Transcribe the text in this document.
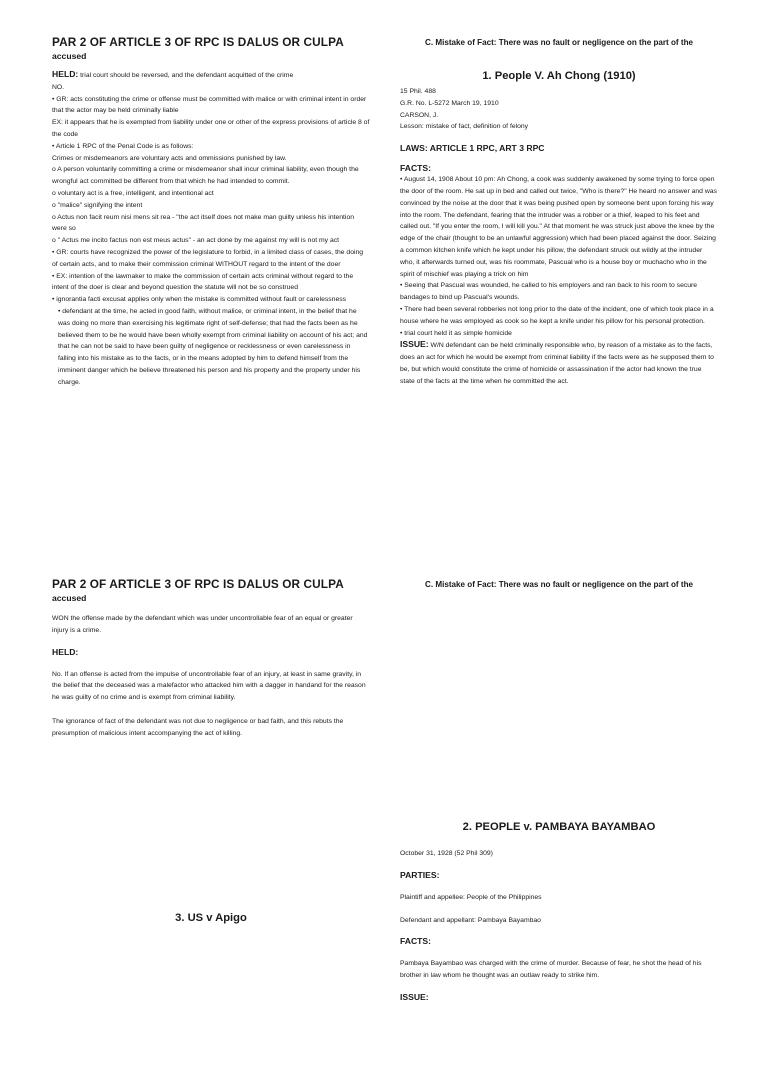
PAR 2 OF ARTICLE 3 OF RPC IS DALUS OR CULPA
accused

HELD: trial court should be reversed, and the defendant acquitted of the crime

NO.

• GR: acts constituting the crime or offense must be committed with malice or with criminal intent in order that the actor may be held criminally liable

EX: it appears that he is exempted from liability under one or other of the express provisions of article 8 of the code

• Article 1 RPC of the Penal Code is as follows:

Crimes or misdemeanors are voluntary acts and ommissions punished by law.

o A person voluntarily committing a crime or misdemeanor shall incur criminal liability, even though the wrongful act committed be different from that which he had intended to commit.

o voluntary act is a free, intelligent, and intentional act

o "malice" signifying the intent

o Actus non facit reum nisi mens sit rea - "the act itself does not make man guilty unless his intention were so

o " Actus me incito factus non est meus actus" - an act done by me against my will is not my act

• GR: courts have recognized the power of the legislature to forbid, in a limited class of cases, the doing of certain acts, and to make their commission criminal WITHOUT regard to the intent of the doer

• EX: intention of the lawmaker to make the commission of certain acts criminal without regard to the intent of the doer is clear and beyond question the statute will not be so construed

• ignorantia facti excusat applies only when the mistake is committed without fault or carelessness

• defendant at the time, he acted in good faith, without malice, or criminal intent, in the belief that he was doing no more than exercising his legitimate right of self-defense; that had the facts been as he believed them to be he would have been wholly exempt from criminal liability on account of his act; and that he can not be said to have been guilty of negligence or recklessness or even carelessness in falling into his mistake as to the facts, or in the means adopted by him to defend himself from the imminent danger which he believe threatened his person and his property and the property under his charge.

C. Mistake of Fact: There was no fault or negligence on the part of the
1. People V. Ah Chong (1910)

15 Phil. 488

G.R. No. L-5272 March 19, 1910

CARSON, J.

Lesson: mistake of fact, definition of felony

LAWS: ARTICLE 1 RPC, ART 3 RPC
FACTS:

• August 14, 1908 About 10 pm: Ah Chong, a cook was suddenly awakened by some trying to force open the door of the room. He sat up in bed and called out twice, "Who is there?" He heard no answer and was convinced by the noise at the door that it was being pushed open by someone bent upon forcing his way into the room. The defendant, fearing that the intruder was a robber or a thief, leaped to his feet and called out. "If you enter the room, I will kill you." At that moment he was struck just above the knee by the edge of the chair (thought to be an unlawful aggression) which had been placed against the door. Seizing a common kitchen knife which he kept under his pillow, the defendant struck out wildly at the intruder who, it afterwards turned out, was his roommate, Pascual who is a house boy or muchacho who in the spirit of mischief was playing a trick on him

• Seeing that Pascual was wounded, he called to his employers and ran back to his room to secure bandages to bind up Pascual's wounds.

• There had been several robberies not long prior to the date of the incident, one of which took place in a house where he was employed as cook so he kept a knife under his pillow for his personal protection.

• trial court held it as simple homicide

ISSUE: W/N defendant can be held criminally responsible who, by reason of a mistake as to the facts, does an act for which he would be exempt from criminal liability if the facts were as he supposed them to be, but which would constitute the crime of homicide or assassination if the actor had known the true state of the facts at the time when he committed the act.

PAR 2 OF ARTICLE 3 OF RPC IS DALUS OR CULPA
accused
WON the offense made by the defendant which was under uncontrollable fear of an equal or greater injury is a crime.
HELD:
No. If an offense is acted from the impulse of uncontrollable fear of an injury, at least in same gravity, in the belief that the deceased was a malefactor who attacked him with a dagger in handand for the reason he was guilty of no crime and is exempt from criminal liability.
The ignorance of fact of the defendant was not due to negligence or bad faith, and this rebuts the presumption of malicious intent accompanying the act of killing.
3. US v Apigo
C. Mistake of Fact: There was no fault or negligence on the part of the
2. PEOPLE v. PAMBAYA BAYAMBAO
October 31, 1928 (52 Phil 309)
PARTIES:
Plaintiff and appellee: People of the Philippines
Defendant and appellant: Pambaya Bayambao
FACTS:
Pambaya Bayambao was charged with the crime of murder. Because of fear, he shot the head of his brother in law whom he thought was an outlaw ready to strike him.
ISSUE:
